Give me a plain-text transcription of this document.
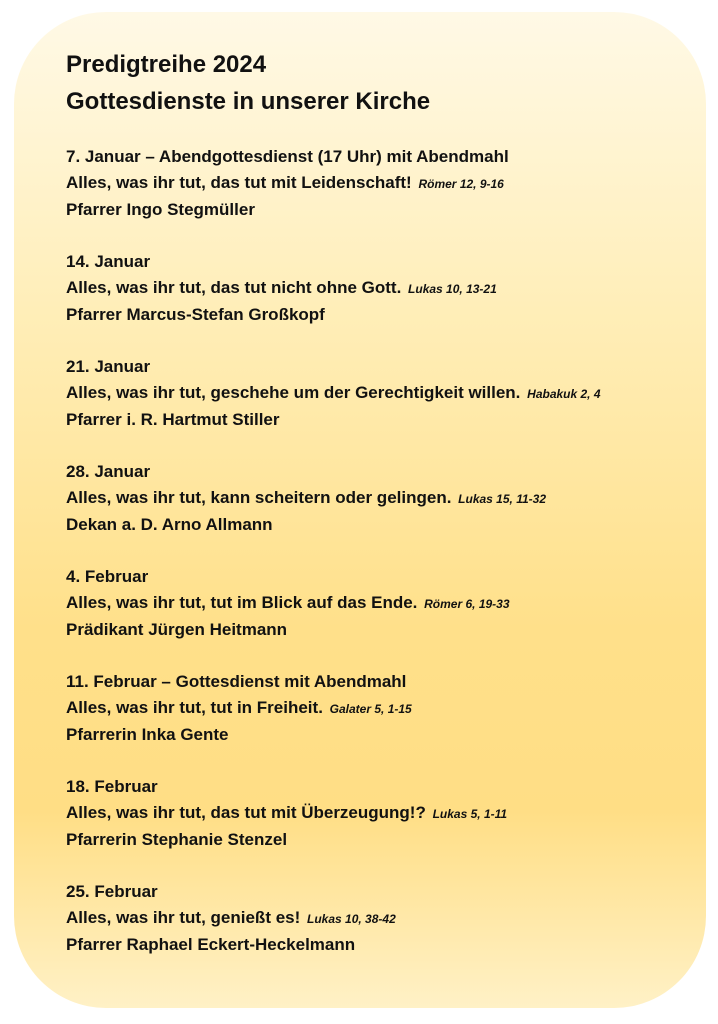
Predigtreihe 2024
Gottesdienste in unserer Kirche
7. Januar – Abendgottesdienst (17 Uhr) mit Abendmahl
Alles, was ihr tut, das tut mit Leidenschaft! Römer 12, 9-16
Pfarrer Ingo Stegmüller
14. Januar
Alles, was ihr tut, das tut nicht ohne Gott. Lukas 10, 13-21
Pfarrer Marcus-Stefan Großkopf
21. Januar
Alles, was ihr tut, geschehe um der Gerechtigkeit willen. Habakuk 2, 4
Pfarrer i. R. Hartmut Stiller
28. Januar
Alles, was ihr tut, kann scheitern oder gelingen. Lukas 15, 11-32
Dekan a. D. Arno Allmann
4. Februar
Alles, was ihr tut, tut im Blick auf das Ende. Römer 6, 19-33
Prädikant Jürgen Heitmann
11. Februar – Gottesdienst mit Abendmahl
Alles, was ihr tut, tut in Freiheit. Galater 5, 1-15
Pfarrerin Inka Gente
18. Februar
Alles, was ihr tut, das tut mit Überzeugung!? Lukas 5, 1-11
Pfarrerin Stephanie Stenzel
25. Februar
Alles, was ihr tut, genießt es! Lukas 10, 38-42
Pfarrer Raphael Eckert-Heckelmann
